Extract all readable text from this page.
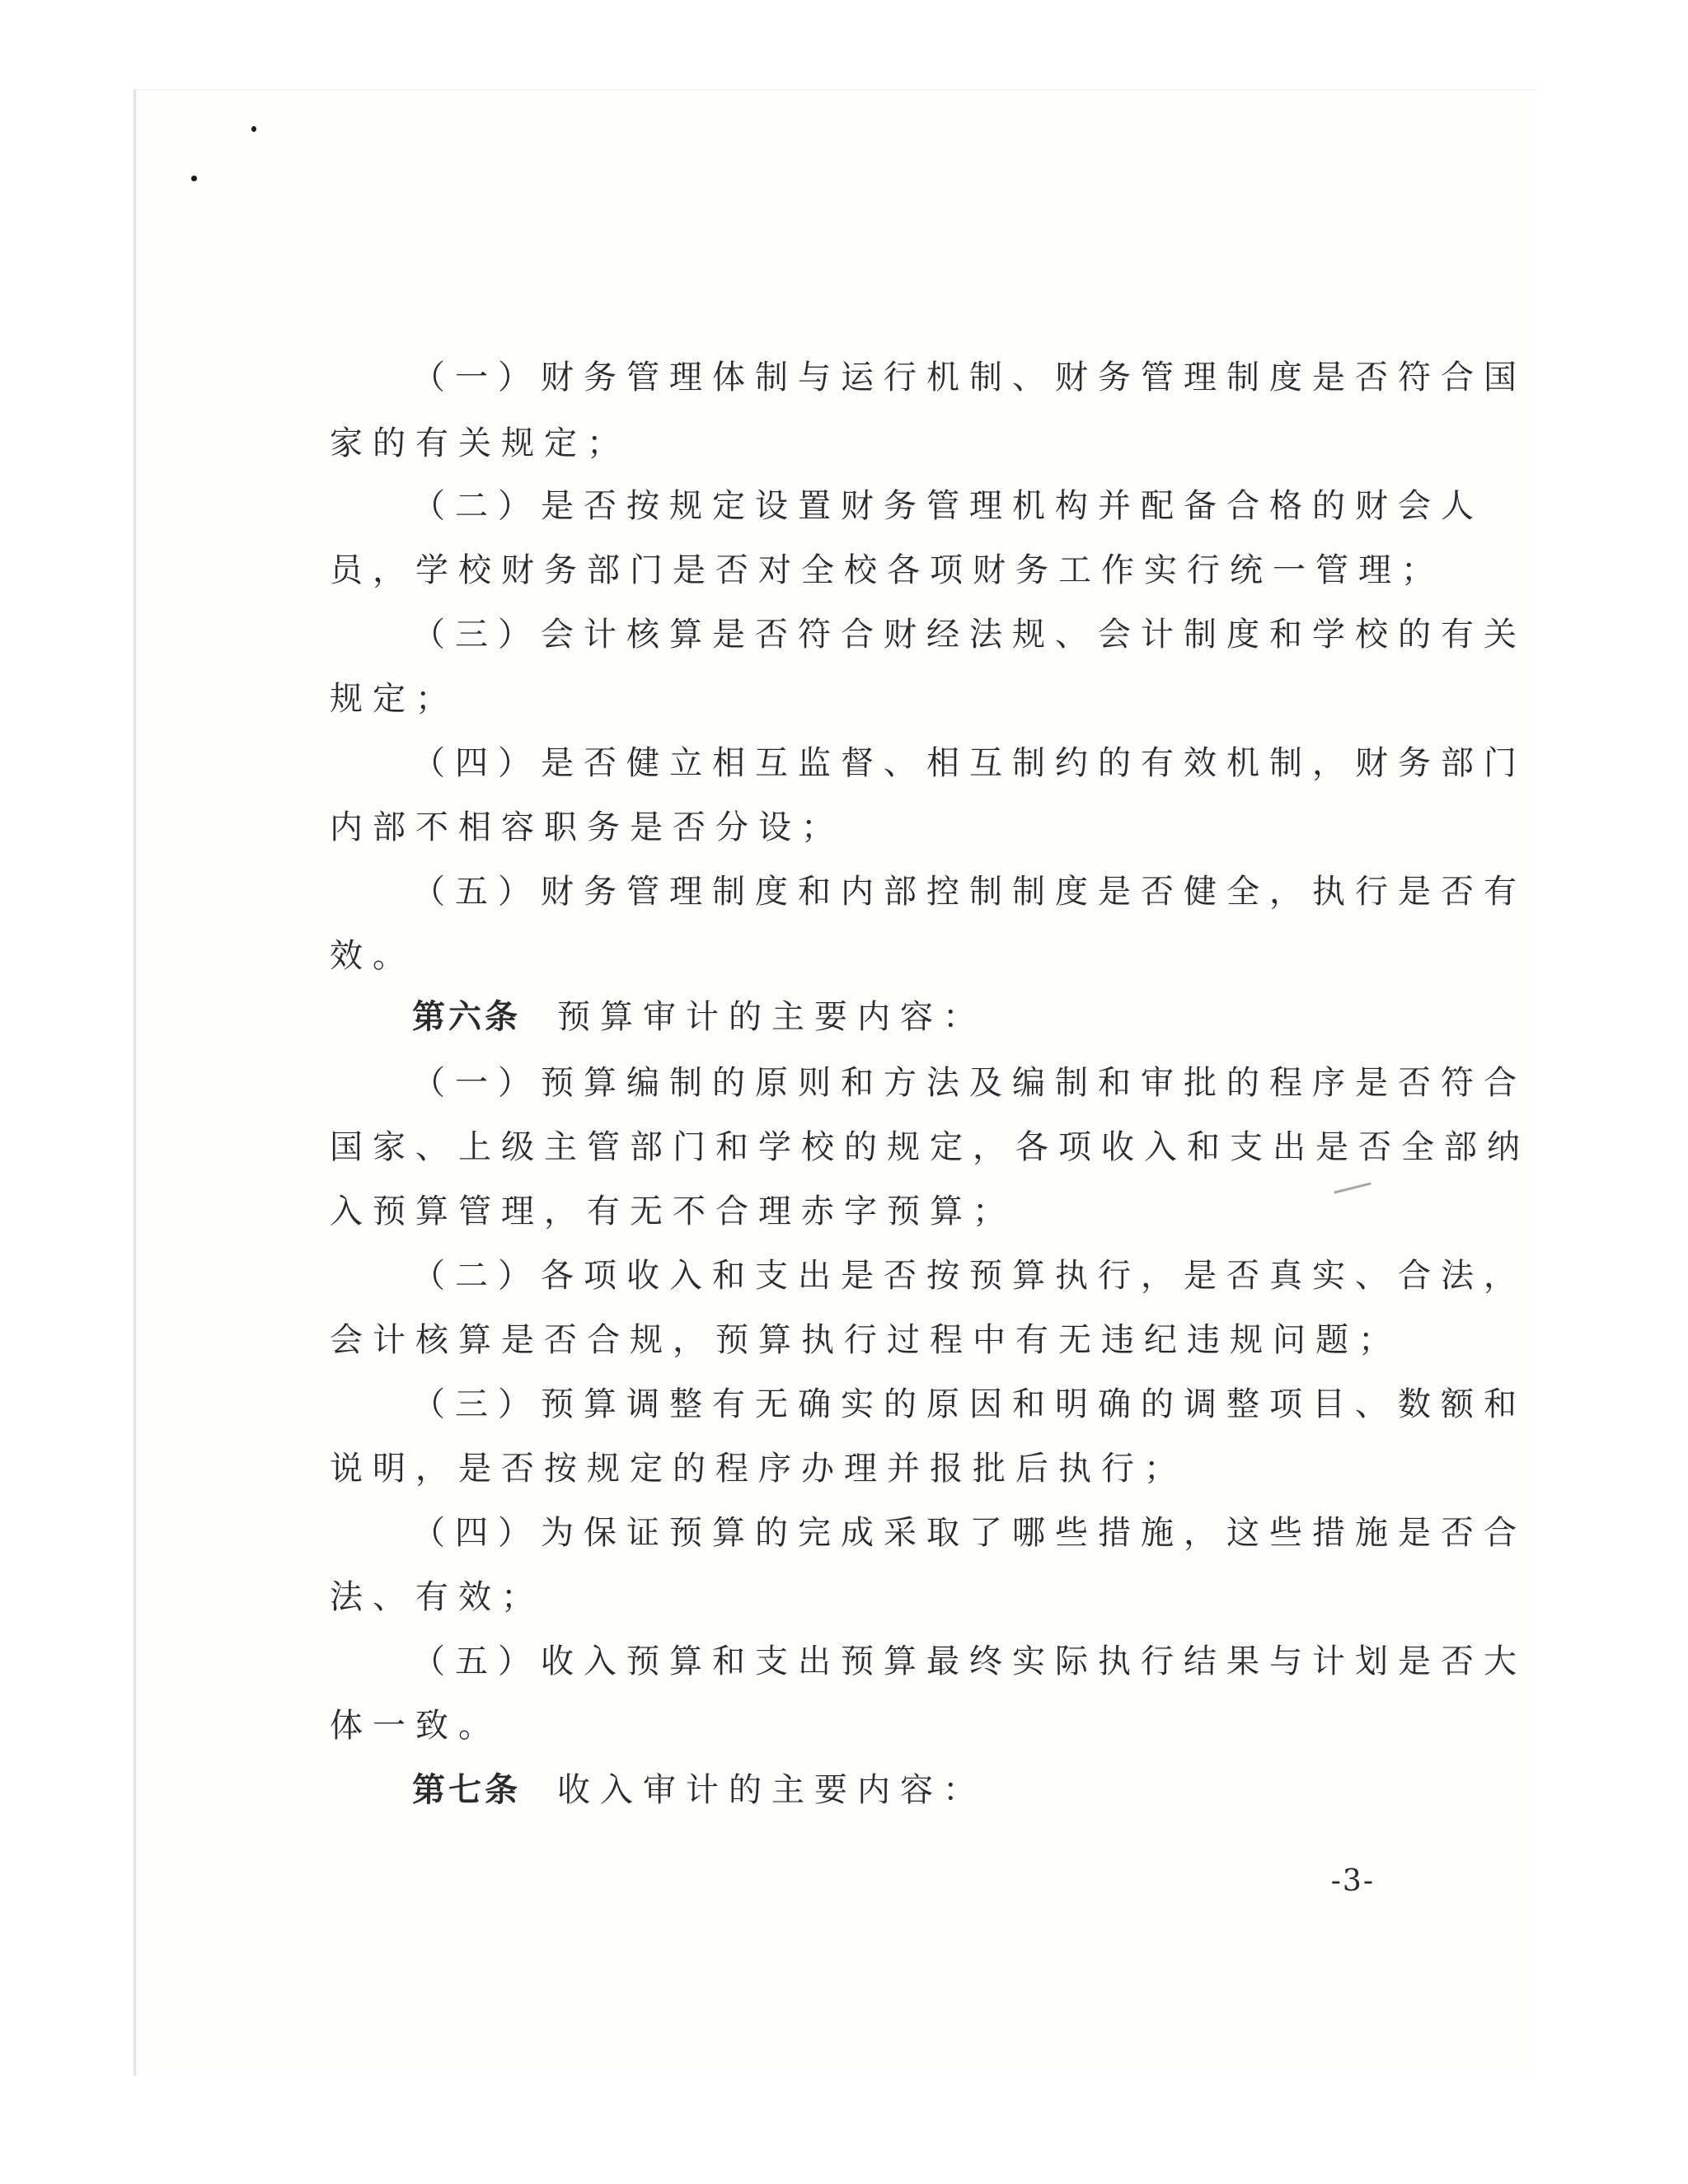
（一）财务管理体制与运行机制、财务管理制度是否符合国
家的有关规定；
（二）是否按规定设置财务管理机构并配备合格的财会人
员，学校财务部门是否对全校各项财务工作实行统一管理；
（三）会计核算是否符合财经法规、会计制度和学校的有关
规定；
（四）是否健立相互监督、相互制约的有效机制，财务部门
内部不相容职务是否分设；
（五）财务管理制度和内部控制制度是否健全，执行是否有
效。
第六条 预算审计的主要内容：
（一）预算编制的原则和方法及编制和审批的程序是否符合
国家、上级主管部门和学校的规定，各项收入和支出是否全部纳
入预算管理，有无不合理赤字预算；
（二）各项收入和支出是否按预算执行，是否真实、合法，
会计核算是否合规，预算执行过程中有无违纪违规问题；
（三）预算调整有无确实的原因和明确的调整项目、数额和
说明，是否按规定的程序办理并报批后执行；
（四）为保证预算的完成采取了哪些措施，这些措施是否合
法、有效；
（五）收入预算和支出预算最终实际执行结果与计划是否大
体一致。
第七条 收入审计的主要内容：
-3-
